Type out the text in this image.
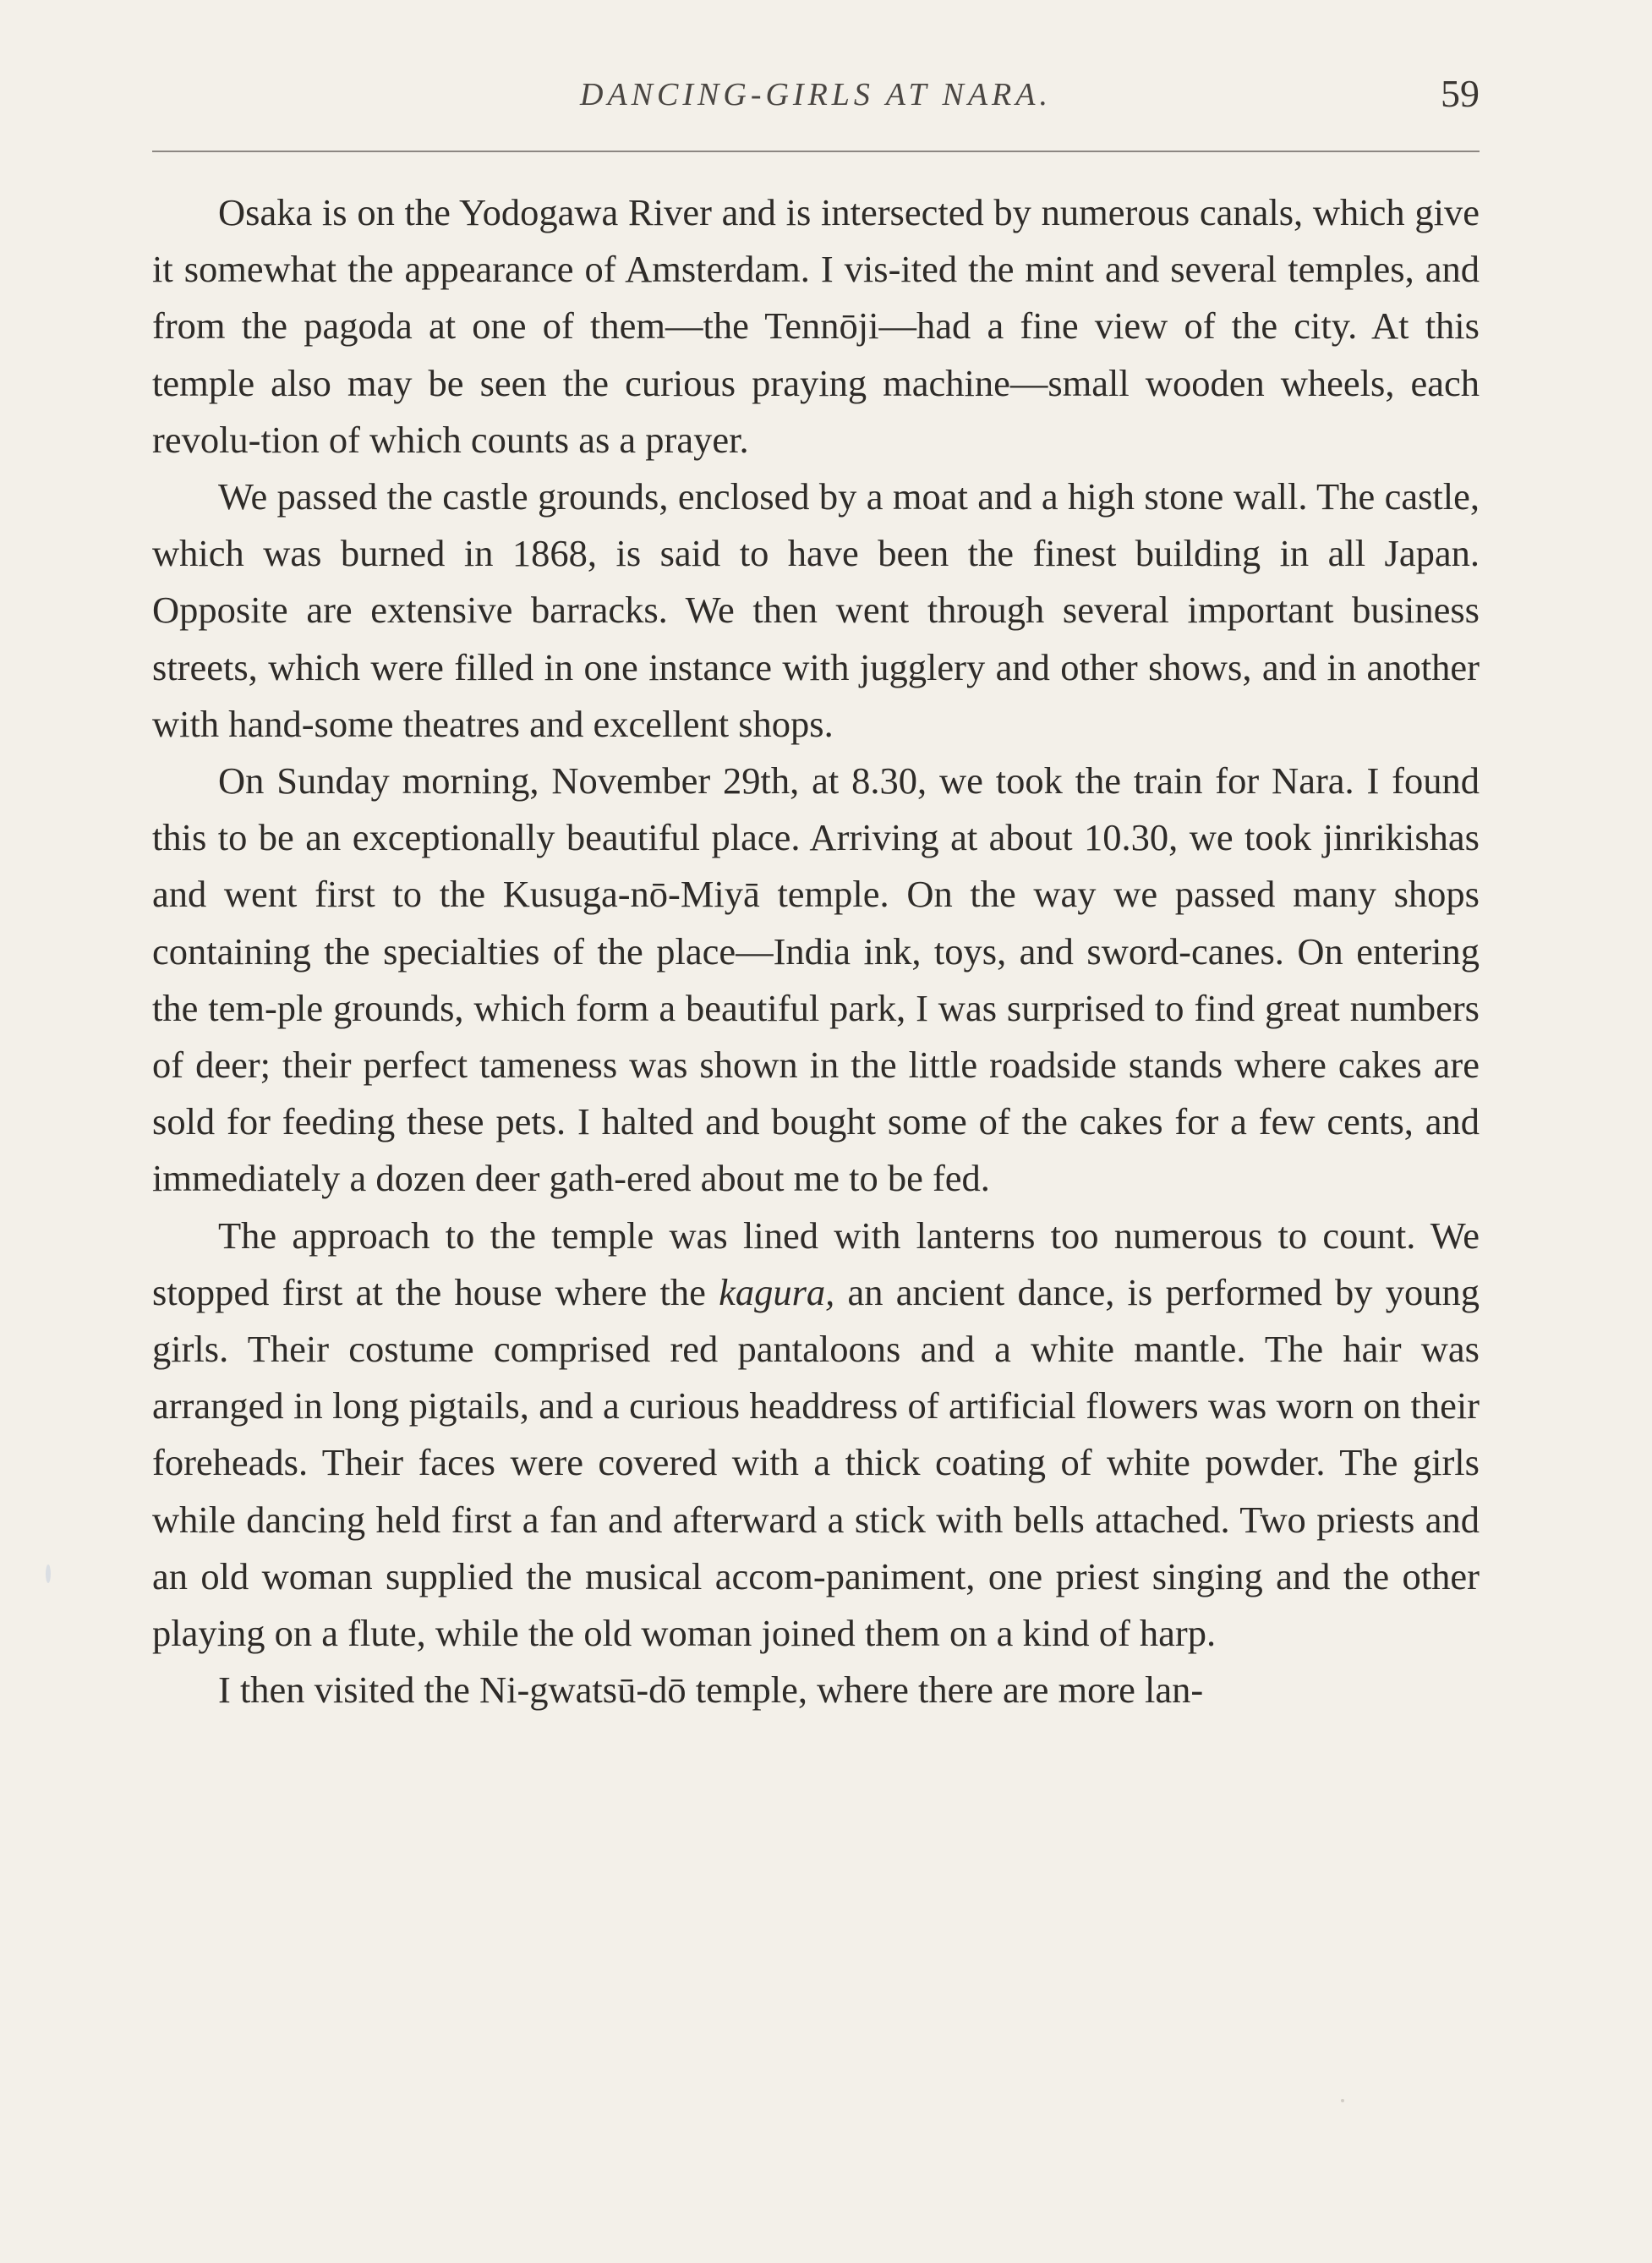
DANCING-GIRLS AT NARA.	59

Osaka is on the Yodogawa River and is intersected by numerous canals, which give it somewhat the appearance of Amsterdam. I vis-ited the mint and several temples, and from the pagoda at one of them—the Tennōji—had a fine view of the city. At this temple also may be seen the curious praying machine—small wooden wheels, each revolu-tion of which counts as a prayer.

We passed the castle grounds, enclosed by a moat and a high stone wall. The castle, which was burned in 1868, is said to have been the finest building in all Japan. Opposite are extensive barracks. We then went through several important business streets, which were filled in one instance with jugglery and other shows, and in another with hand-some theatres and excellent shops.

On Sunday morning, November 29th, at 8.30, we took the train for Nara. I found this to be an exceptionally beautiful place. Arriving at about 10.30, we took jinrikishas and went first to the Kusuga-nō-Miyā temple. On the way we passed many shops containing the specialties of the place—India ink, toys, and sword-canes. On entering the tem-ple grounds, which form a beautiful park, I was surprised to find great numbers of deer; their perfect tameness was shown in the little roadside stands where cakes are sold for feeding these pets. I halted and bought some of the cakes for a few cents, and immediately a dozen deer gath-ered about me to be fed.

The approach to the temple was lined with lanterns too numerous to count. We stopped first at the house where the kagura, an ancient dance, is performed by young girls. Their costume comprised red pantaloons and a white mantle. The hair was arranged in long pigtails, and a curious headdress of artificial flowers was worn on their foreheads. Their faces were covered with a thick coating of white powder. The girls while dancing held first a fan and afterward a stick with bells attached. Two priests and an old woman supplied the musical accom-paniment, one priest singing and the other playing on a flute, while the old woman joined them on a kind of harp.

I then visited the Ni-gwatsū-dō temple, where there are more lan-
